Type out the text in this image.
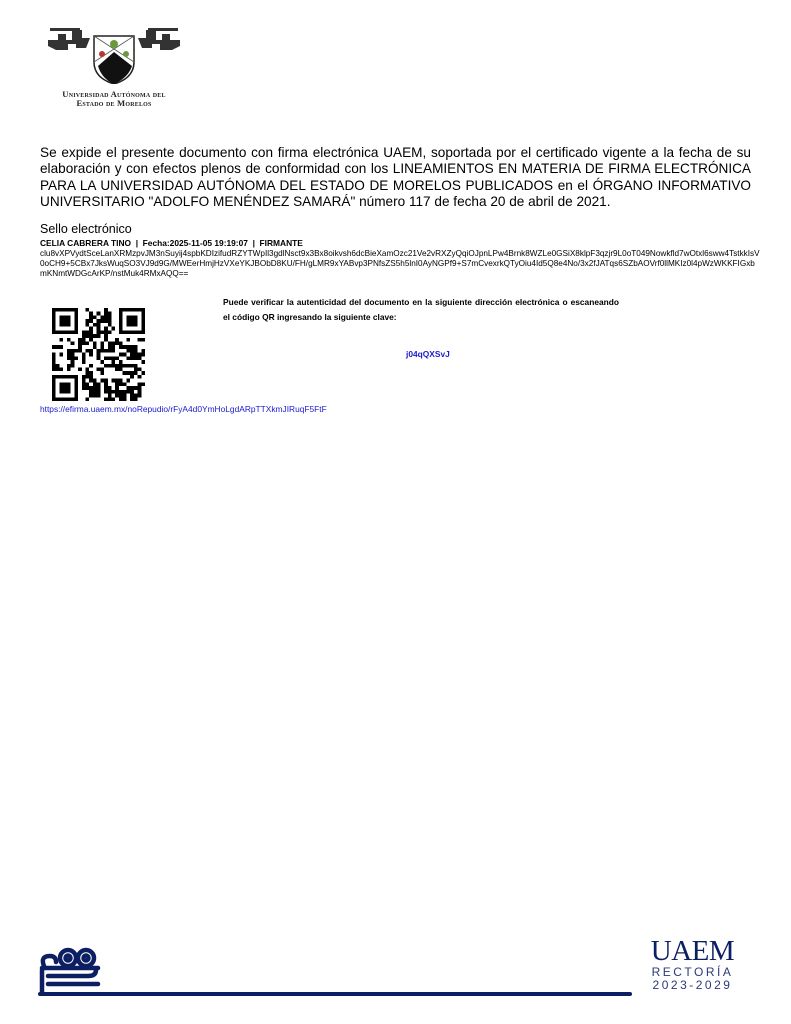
Universidad Autónoma del
Estado de Morelos
Se expide el presente documento con firma electrónica UAEM, soportada por el certificado vigente a la fecha de su elaboración y con efectos plenos de conformidad con los LINEAMIENTOS EN MATERIA DE FIRMA ELECTRÓNICA PARA LA UNIVERSIDAD AUTÓNOMA DEL ESTADO DE MORELOS PUBLICADOS en el ÓRGANO INFORMATIVO UNIVERSITARIO "ADOLFO MENÉNDEZ SAMARÁ" número 117 de fecha 20 de abril de 2021.
Sello electrónico
CELIA CABRERA TINO  |  Fecha:2025-11-05 19:19:07  |  FIRMANTE
clu8vXPVydtSceLanXRMzpvJM3nSuyij4spbKDIzifudRZYTWpIl3gdlNsct9x3Bx8oikvsh6dcBieXamOzc21Ve2vRXZyQqiOJpnLPw4Brnk8WZLe0GSiX8klpF3qzjr9L0oT049Nowkfld7wOtxl6sww4TstkkIsV0oCH9+5CBx7JksWuqSO3VJ9d9G/MWEerHmjHzVXeYKJBObD8KU/FH/gLMR9xYABvp3PNfsZS5h5lnI0AyNGPf9+S7mCvexrkQTyOiu4Id5Q8e4No/3x2fJATqs6SZbAOVrf0llMKIz0l4pWzWKKFIGxbmKNmtWDGcArKP/nstMuk4RMxAQQ==
Puede verificar la autenticidad del documento en la siguiente dirección electrónica o escaneando el código QR ingresando la siguiente clave:
j04qQXSvJ
https://efirma.uaem.mx/noRepudio/rFyA4d0YmHoLgdARpTTXkmJIRuqF5FtF
UAEM
RECTORÍA
2023-2029
